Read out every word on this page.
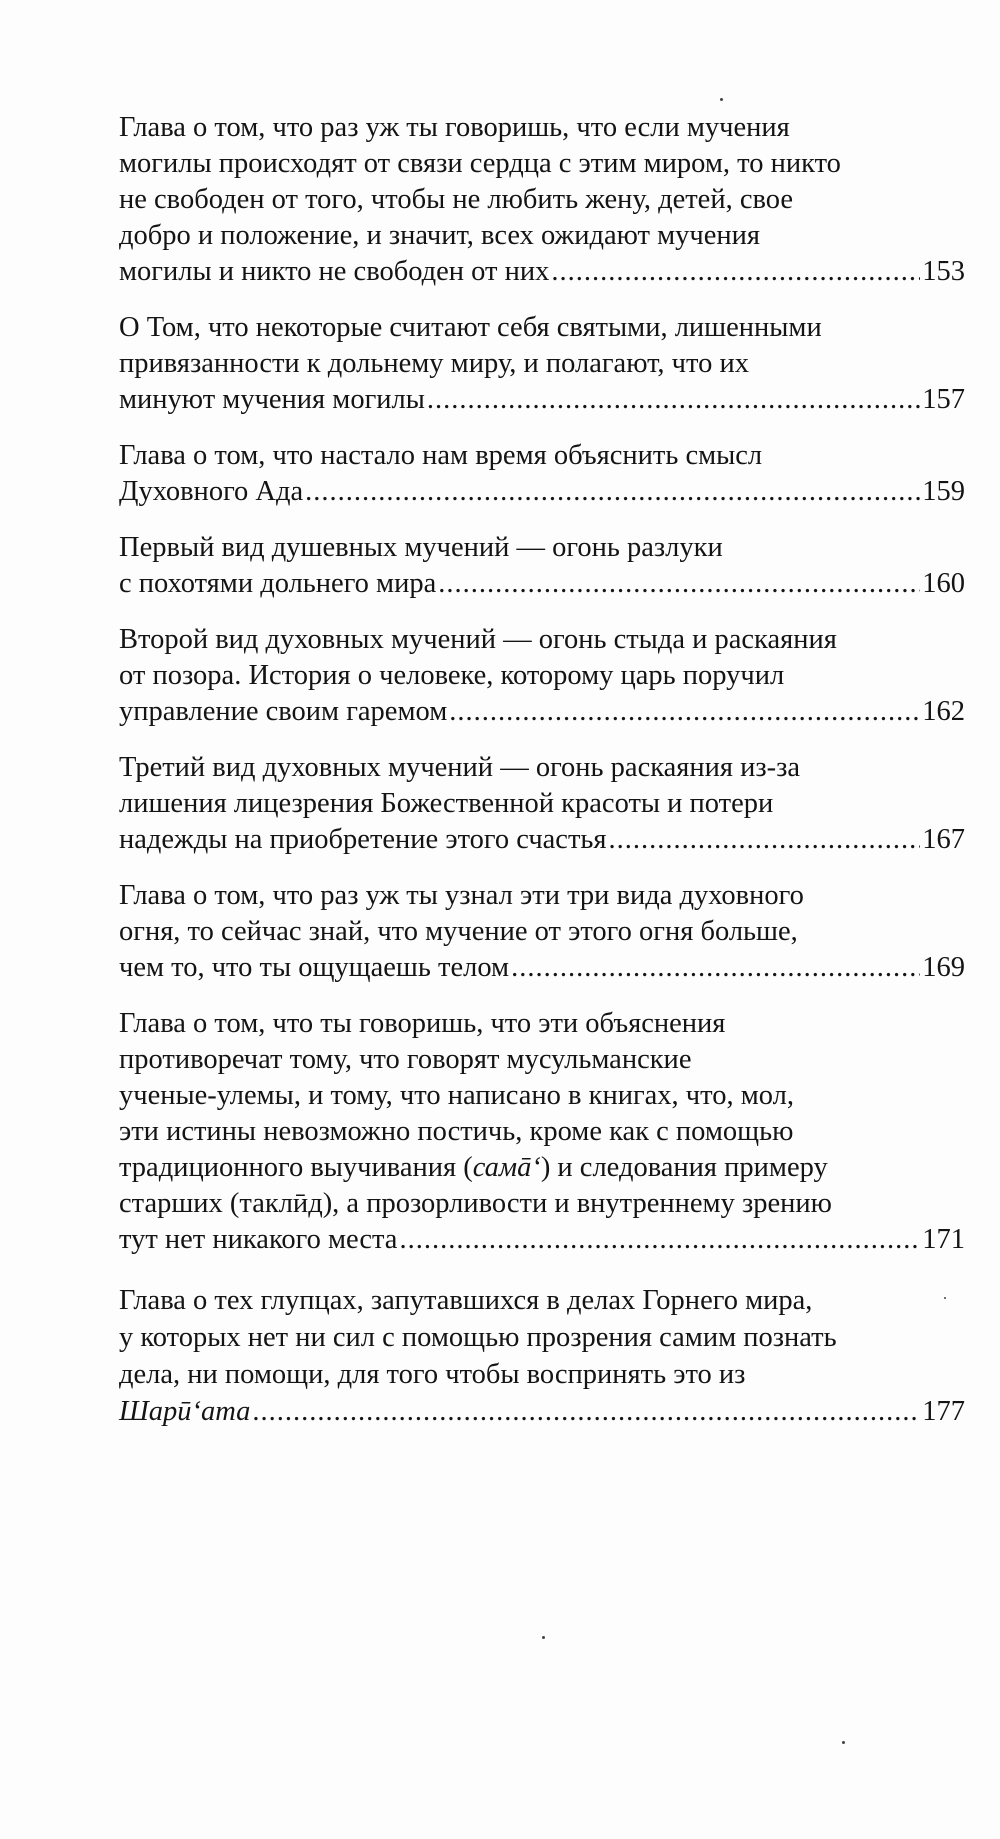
Глава о том, что раз уж ты говоришь, что если мучения
могилы происходят от связи сердца с этим миром, то никто
не свободен от того, чтобы не любить жену, детей, свое
добро и положение, и значит, всех ожидают мучения
могилы и никто не свободен от них .....	153
О Том, что некоторые считают себя святыми, лишенными
привязанности к дольнему миру, и полагают, что их
минуют мучения могилы .....	157
Глава о том, что настало нам время объяснить смысл
Духовного Ада .....	159
Первый вид душевных мучений — огонь разлуки
с похотями дольнего мира .....	160
Второй вид духовных мучений — огонь стыда и раскаяния
от позора. История о человеке, которому царь поручил
управление своим гаремом .....	162
Третий вид духовных мучений — огонь раскаяния из-за
лишения лицезрения Божественной красоты и потери
надежды на приобретение этого счастья .....	167
Глава о том, что раз уж ты узнал эти три вида духовного
огня, то сейчас знай, что мучение от этого огня больше,
чем то, что ты ощущаешь телом .....	169
Глава о том, что ты говоришь, что эти объяснения
противоречат тому, что говорят мусульманские
ученые-улемы, и тому, что написано в книгах, что, мол,
эти истины невозможно постичь, кроме как с помощью
традиционного выучивания (самā‘) и следования примеру
старших (таклӣд), а прозорливости и внутреннему зрению
тут нет никакого места .....	171
Глава о тех глупцах, запутавшихся в делах Горнего мира,
у которых нет ни сил с помощью прозрения самим познать
дела, ни помощи, для того чтобы воспринять это из
Шарӣ‘ата .....	177
